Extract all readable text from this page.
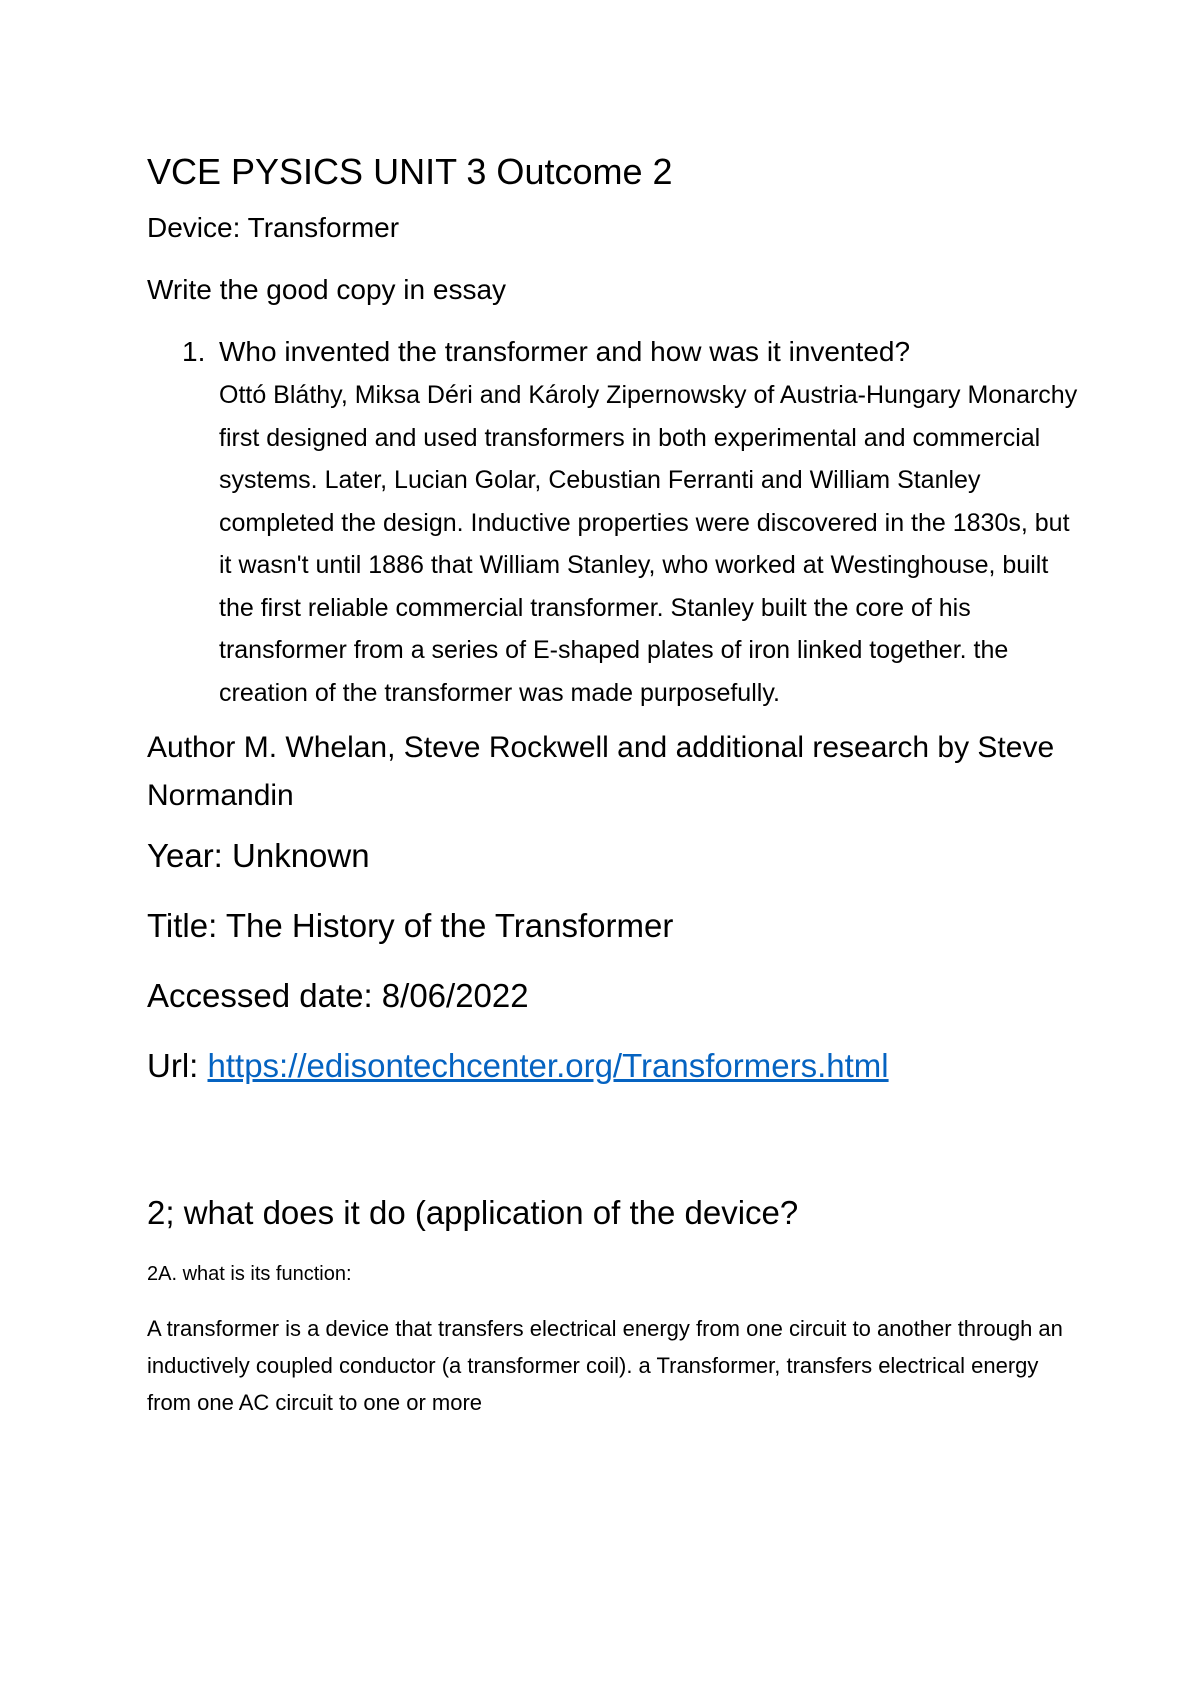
VCE PYSICS UNIT 3 Outcome 2

Device: Transformer

Write the good copy in essay

1. Who invented the transformer and how was it invented?

Ottó Bláthy, Miksa Déri and Károly Zipernowsky of Austria-Hungary Monarchy first designed and used transformers in both experimental and commercial systems. Later, Lucian Golar, Cebustian Ferranti and William Stanley completed the design. Inductive properties were discovered in the 1830s, but it wasn't until 1886 that William Stanley, who worked at Westinghouse, built the first reliable commercial transformer. Stanley built the core of his transformer from a series of E-shaped plates of iron linked together. the creation of the transformer was made purposefully.

Author M. Whelan, Steve Rockwell and additional research by Steve Normandin

Year: Unknown

Title: The History of the Transformer

Accessed date: 8/06/2022

Url: https://edisontechcenter.org/Transformers.html

2; what does it do (application of the device?

2A. what is its function:

A transformer is a device that transfers electrical energy from one circuit to another through an inductively coupled conductor (a transformer coil). a Transformer, transfers electrical energy from one AC circuit to one or more
